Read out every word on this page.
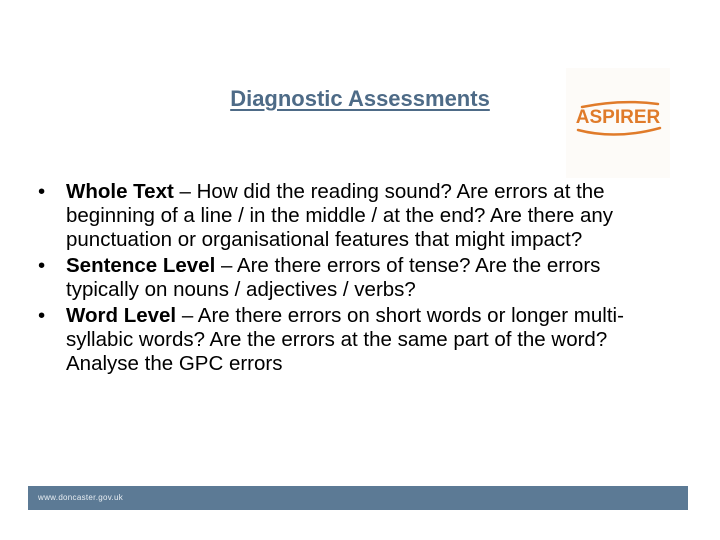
Diagnostic Assessments
ASPIRER
• Whole Text – How did the reading sound? Are errors at the beginning of a line / in the middle / at the end? Are there any punctuation or organisational features that might impact?
• Sentence Level – Are there errors of tense? Are the errors typically on nouns / adjectives / verbs?
• Word Level – Are there errors on short words or longer multi-syllabic words? Are the errors at the same part of the word? Analyse the GPC errors
www.doncaster.gov.uk
